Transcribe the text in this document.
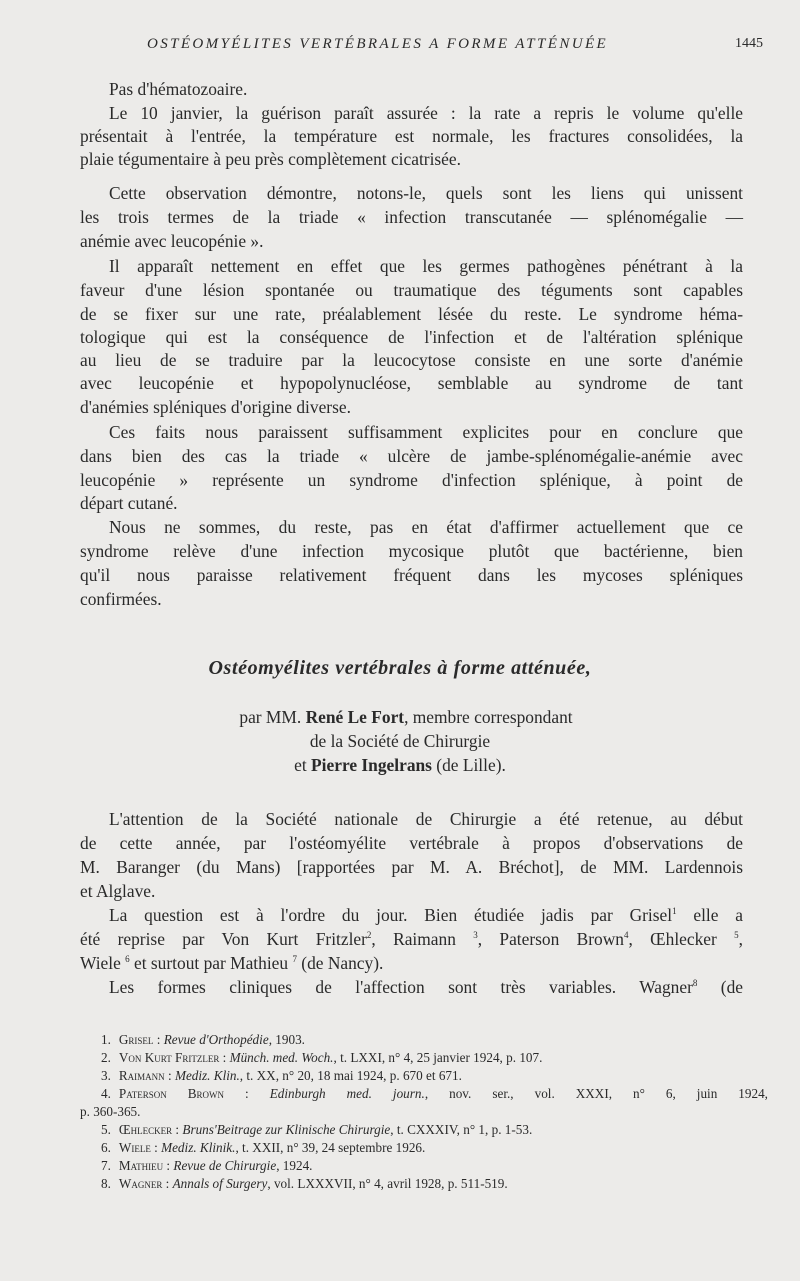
OSTÉOMYÉLITES VERTÉBRALES A FORME ATTÉNUÉE	1445
Pas d'hématozoaire.
Le 10 janvier, la guérison paraît assurée : la rate a repris le volume qu'elle
présentait à l'entrée, la température est normale, les fractures consolidées, la
plaie tégumentaire à peu près complètement cicatrisée.
Cette observation démontre, notons-le, quels sont les liens qui unissent
les trois termes de la triade « infection transcutanée — splénomégalie —
anémie avec leucopénie ».
Il apparaît nettement en effet que les germes pathogènes pénétrant à la
faveur d'une lésion spontanée ou traumatique des téguments sont capables
de se fixer sur une rate, préalablement lésée du reste. Le syndrome héma-
tologique qui est la conséquence de l'infection et de l'altération splénique
au lieu de se traduire par la leucocytose consiste en une sorte d'anémie
avec leucopénie et hypopolynucléose, semblable au syndrome de tant
d'anémies spléniques d'origine diverse.
Ces faits nous paraissent suffisamment explicites pour en conclure que
dans bien des cas la triade « ulcère de jambe-splénomégalie-anémie avec
leucopénie » représente un syndrome d'infection splénique, à point de
départ cutané.
Nous ne sommes, du reste, pas en état d'affirmer actuellement que ce
syndrome relève d'une infection mycosique plutôt que bactérienne, bien
qu'il nous paraisse relativement fréquent dans les mycoses spléniques
confirmées.
Ostéomyélites vertébrales à forme atténuée,
par MM. René Le Fort, membre correspondant
de la Société de Chirurgie
et Pierre Ingelrans (de Lille).
L'attention de la Société nationale de Chirurgie a été retenue, au début
de cette année, par l'ostéomyélite vertébrale à propos d'observations de
M. Baranger (du Mans) [rapportées par M. A. Bréchot], de MM. Lardennois
et Alglave.
La question est à l'ordre du jour. Bien étudiée jadis par Grisel$^1$ elle a
été reprise par Von Kurt Fritzler$^2$, Raimann $^3$, Paterson Brown$^4$, Œhlecker $^5$,
Wiele $^6$ et surtout par Mathieu $^7$ (de Nancy).
Les formes cliniques de l'affection sont très variables. Wagner$^8$ (de
1. Grisel : Revue d'Orthopédie, 1903.
2. Von Kurt Fritzler : Münch. med. Woch., t. LXXI, n° 4, 25 janvier 1924, p. 107.
3. Raimann : Mediz. Klin., t. XX, n° 20, 18 mai 1924, p. 670 et 671.
4. Paterson Brown : Edinburgh med. journ., nov. ser., vol. XXXI, n° 6, juin 1924,
p. 360-365.
5. Œhlecker : Bruns'Beitrage zur Klinische Chirurgie, t. CXXXIV, n° 1, p. 1-53.
6. Wiele : Mediz. Klinik., t. XXII, n° 39, 24 septembre 1926.
7. Mathieu : Revue de Chirurgie, 1924.
8. Wagner : Annals of Surgery, vol. LXXXVII, n° 4, avril 1928, p. 511-519.
